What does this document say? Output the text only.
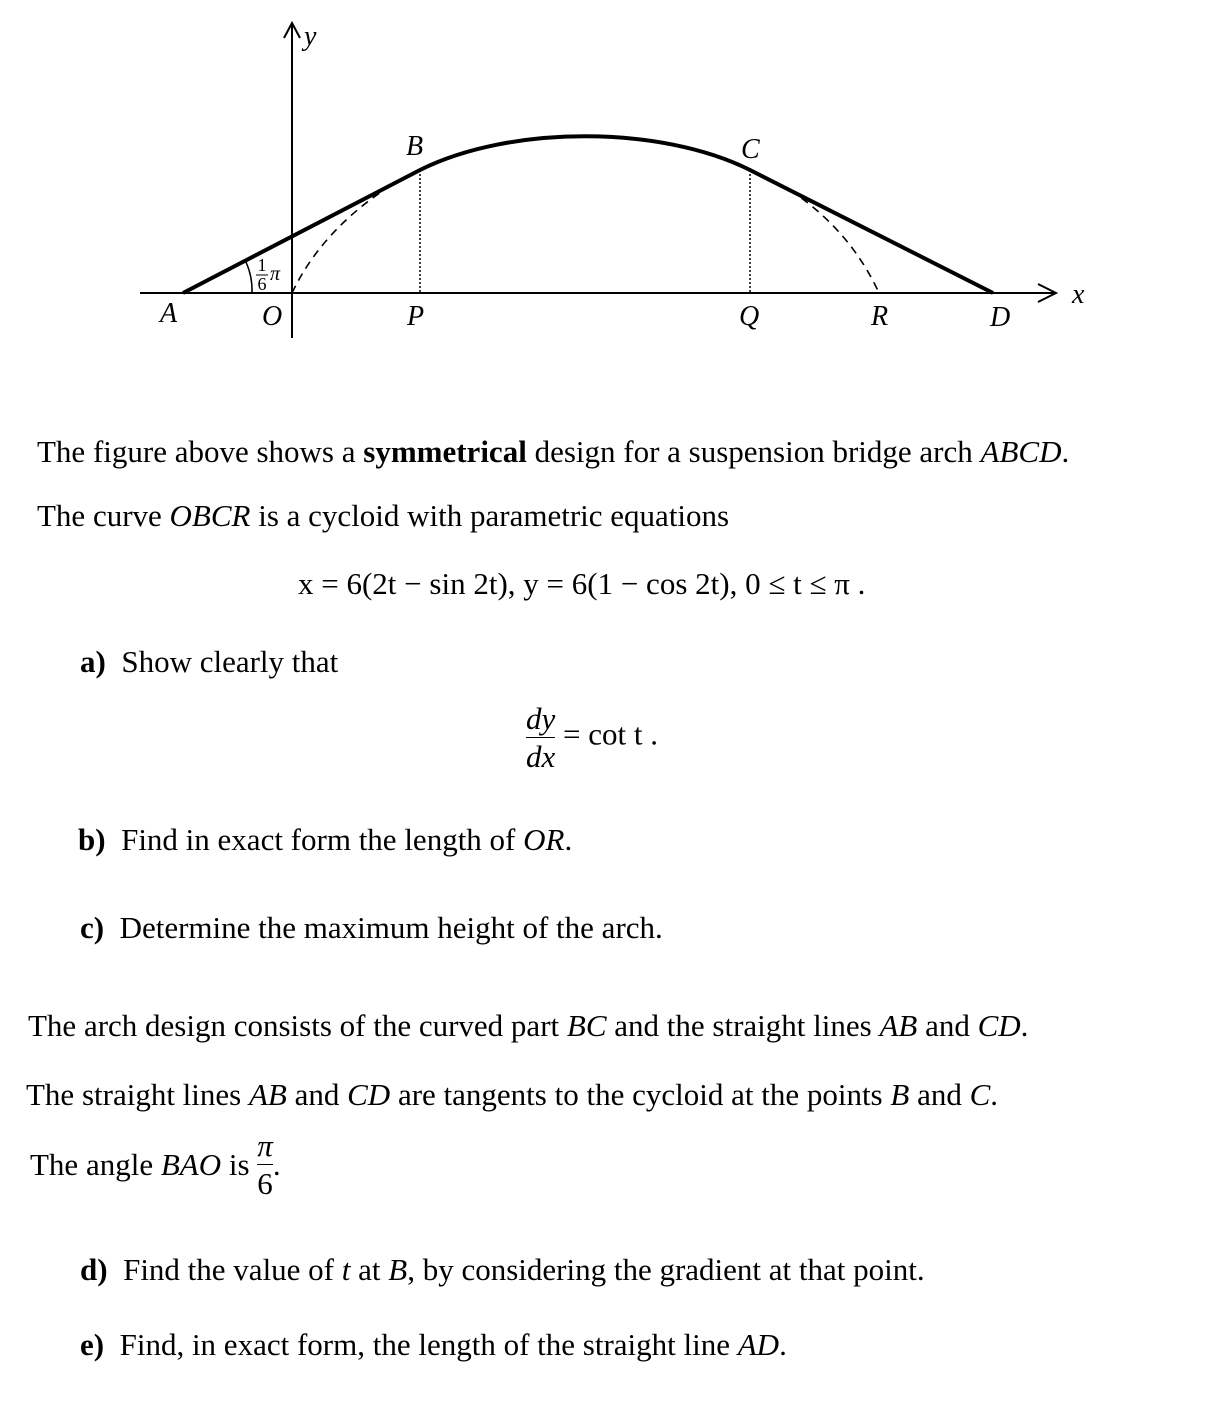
y
x
1
6 π
A	O	P
B	C
Q	R	D
The figure above shows a symmetrical design for a suspension bridge arch ABCD.
The curve OBCR is a cycloid with parametric equations
x = 6(2t − sin 2t), y = 6(1 − cos 2t), 0 ≤ t ≤ π .
a) Show clearly that
$\frac{dy}{dx} = \cot t$ .
b) Find in exact form the length of OR.
c) Determine the maximum height of the arch.
The arch design consists of the curved part BC and the straight lines AB and CD.
The straight lines AB and CD are tangents to the cycloid at the points B and C.
The angle BAO is $\frac{\pi}{6}$ .
d) Find the value of t at B, by considering the gradient at that point.
e) Find, in exact form, the length of the straight line AD.
